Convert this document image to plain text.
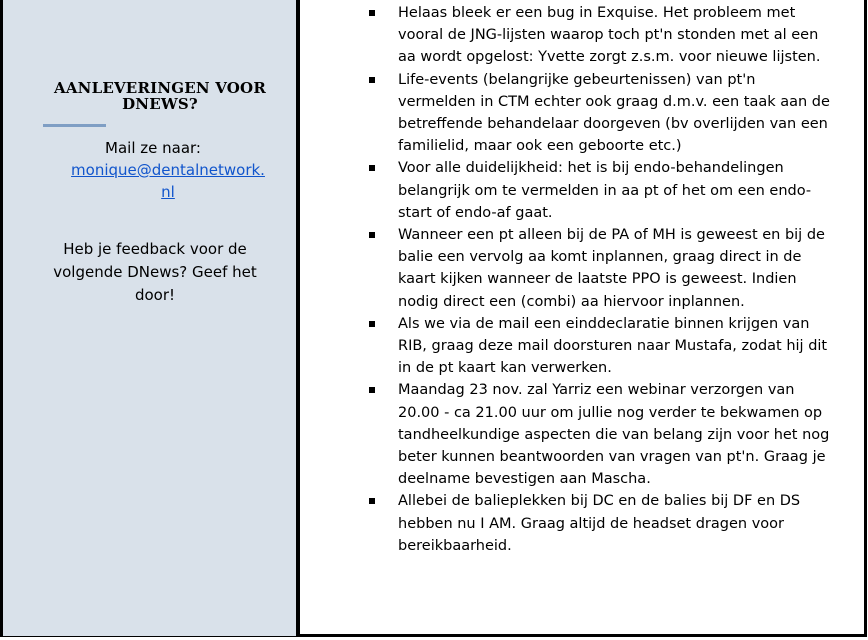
AANLEVERINGEN VOOR
DNEWS?
Mail ze naar:
monique@dentalnetwork.
nl
Heb je feedback voor de volgende DNews? Geef het door!
Helaas bleek er een bug in Exquise. Het probleem met vooral de JNG-lijsten waarop toch pt'n stonden met al een aa wordt opgelost: Yvette zorgt z.s.m. voor nieuwe lijsten.
Life-events (belangrijke gebeurtenissen) van pt'n vermelden in CTM echter ook graag d.m.v. een taak aan de betreffende behandelaar doorgeven (bv overlijden van een familielid, maar ook een geboorte etc.)
Voor alle duidelijkheid: het is bij endo-behandelingen belangrijk om te vermelden in aa pt of het om een endo-start of endo-af gaat.
Wanneer een pt alleen bij de PA of MH is geweest en bij de balie een vervolg aa komt inplannen, graag direct in de kaart kijken wanneer de laatste PPO is geweest. Indien nodig direct een (combi) aa hiervoor inplannen.
Als we via de mail een einddeclaratie binnen krijgen van RIB, graag deze mail doorsturen naar Mustafa, zodat hij dit in de pt kaart kan verwerken.
Maandag 23 nov. zal Yarriz een webinar verzorgen van 20.00 - ca 21.00 uur om jullie nog verder te bekwamen op tandheelkundige aspecten die van belang zijn voor het nog beter kunnen beantwoorden van vragen van pt'n. Graag je deelname bevestigen aan Mascha.
Allebei de balieplekken bij DC en de balies bij DF en DS hebben nu I AM. Graag altijd de headset dragen voor bereikbaarheid.
